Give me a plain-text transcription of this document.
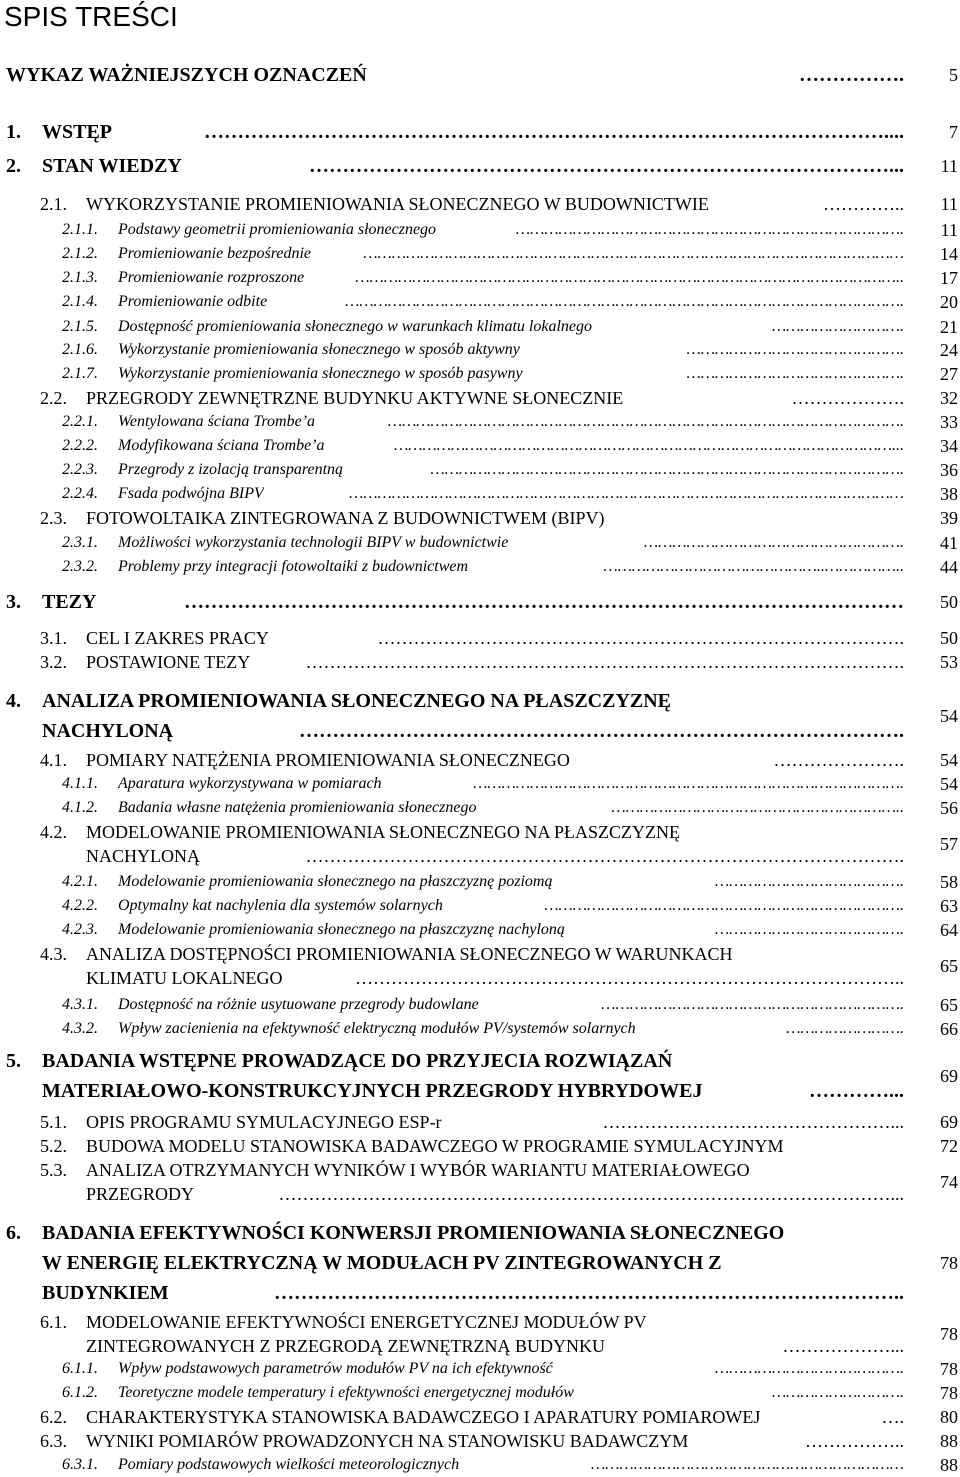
SPIS TREŚCI
WYKAZ WAŻNIEJSZYCH OZNACZEŃ	5
…………….
1. WSTĘP	7
…………………………………………………………………………………………....
2. STAN WIEDZY	11
……………………………………………………………………………...
2.1. WYKORZYSTANIE PROMIENIOWANIA SŁONECZNEGO W BUDOWNICTWIE	11
…………..
2.1.1. Podstawy geometrii promieniowania słonecznego	11
……………………………………………………………………….
2.1.2. Promieniowanie bezpośrednie	14
……………………………………………………………………………………………………
2.1.3. Promieniowanie rozproszone	17
……………………………………………………………………………………………………..
2.1.4. Promieniowanie odbite	20
……………………………………………………………………………………………………….
2.1.5. Dostępność promieniowania słonecznego w warunkach klimatu lokalnego	21
……………………….
2.1.6. Wykorzystanie promieniowania słonecznego w sposób aktywny	24
……………………………………….
2.1.7. Wykorzystanie promieniowania słonecznego w sposób pasywny	27
……………………………………….
2.2. PRZEGRODY ZEWNĘTRZNE BUDYNKU AKTYWNE SŁONECZNIE	32
……………….
2.2.1. Wentylowana ściana Trombe’a	33
……………………………………………………………………………………………….
2.2.2. Modyfikowana ściana Trombe’a	34
……………………………………………………………………………………………...
2.2.3. Przegrody z izolacją transparentną	36
……………………………………………………………………………………….
2.2.4. Fsada podwójna BIPV	38
………………………………………………………………………………………………………
2.3. FOTOWOLTAIKA ZINTEGROWANA Z BUDOWNICTWEM (BIPV)	39
2.3.1. Możliwości wykorzystania technologii BIPV w budownictwie	41
……………………………………………….
2.3.2. Problemy przy integracji fotowoltaiki z budownictwem	44
………………………………………..……………..
3. TEZY	50
………………………………………………………………………………………………
3.1. CEL I ZAKRES PRACY	50
…………………………………………………………………………….
3.2. POSTAWIONE TEZY	53
……………………………………………………………………………………….
4. ANALIZA PROMIENIOWANIA SŁONECZNEGO NA PŁASZCZYZNĘ
NACHYLONĄ
54
……………………………………………………………………………….
4.1. POMIARY NATĘŻENIA PROMIENIOWANIA SŁONECZNEGO	54
………………….
4.1.1. Aparatura wykorzystywana w pomiarach	54
……………………………………………………………………………….
4.1.2. Badania własne natężenia promieniowania słonecznego	56
……………………………………………………..
4.2. MODELOWANIE PROMIENIOWANIA SŁONECZNEGO NA PŁASZCZYZNĘ
NACHYLONĄ
57
……………………………………………………………………………………….
4.2.1. Modelowanie promieniowania słonecznego na płaszczyznę poziomą	58
………………………………….
4.2.2. Optymalny kat nachylenia dla systemów solarnych	63
………………………………………………………………….
4.2.3. Modelowanie promieniowania słonecznego na płaszczyznę nachyloną	64
………………………………….
4.3. ANALIZA DOSTĘPNOŚCI PROMIENIOWANIA SŁONECZNEGO W WARUNKACH
KLIMATU LOKALNEGO
65
………………………………………………………………………………..
4.3.1. Dostępność na różnie usytuowane przegrody budowlane	65
……………………………………………………….
4.3.2. Wpływ zacienienia na efektywność elektryczną modułów PV/systemów solarnych	66
…………………….
5. BADANIA WSTĘPNE PROWADZĄCE DO PRZYJECIA ROZWIĄZAŃ
MATERIAŁOWO-KONSTRUKCYJNYCH PRZEGRODY HYBRYDOWEJ
69
…………...
5.1. OPIS PROGRAMU SYMULACYJNEGO ESP-r	69
…………………………………………...
5.2. BUDOWA MODELU STANOWISKA BADAWCZEGO W PROGRAMIE SYMULACYJNYM	72
5.3. ANALIZA OTRZYMANYCH WYNIKÓW I WYBÓR WARIANTU MATERIAŁOWEGO
PRZEGRODY
74
…………………………………………………………………………………………...
6. BADANIA EFEKTYWNOŚCI KONWERSJI PROMIENIOWANIA SŁONECZNEGO
W ENERGIĘ ELEKTRYCZNĄ W MODUŁACH PV ZINTEGROWANYCH Z
BUDYNKIEM
78
…………………………………………………………………………………..
6.1. MODELOWANIE EFEKTYWNOŚCI ENERGETYCZNEJ MODUŁÓW PV
ZINTEGROWANYCH Z PRZEGRODĄ ZEWNĘTRZNĄ BUDYNKU
78
………………...
6.1.1. Wpływ podstawowych parametrów modułów PV na ich efektywność	78
………………………………….
6.1.2. Teoretyczne modele temperatury i efektywności energetycznej modułów	78
……………………….
6.2. CHARAKTERYSTYKA STANOWISKA BADAWCZEGO I APARATURY POMIAROWEJ	80
….
6.3. WYNIKI POMIARÓW PROWADZONYCH NA STANOWISKU BADAWCZYM	88
……………..
6.3.1. Pomiary podstawowych wielkości meteorologicznych	88
…………………………………………………………
